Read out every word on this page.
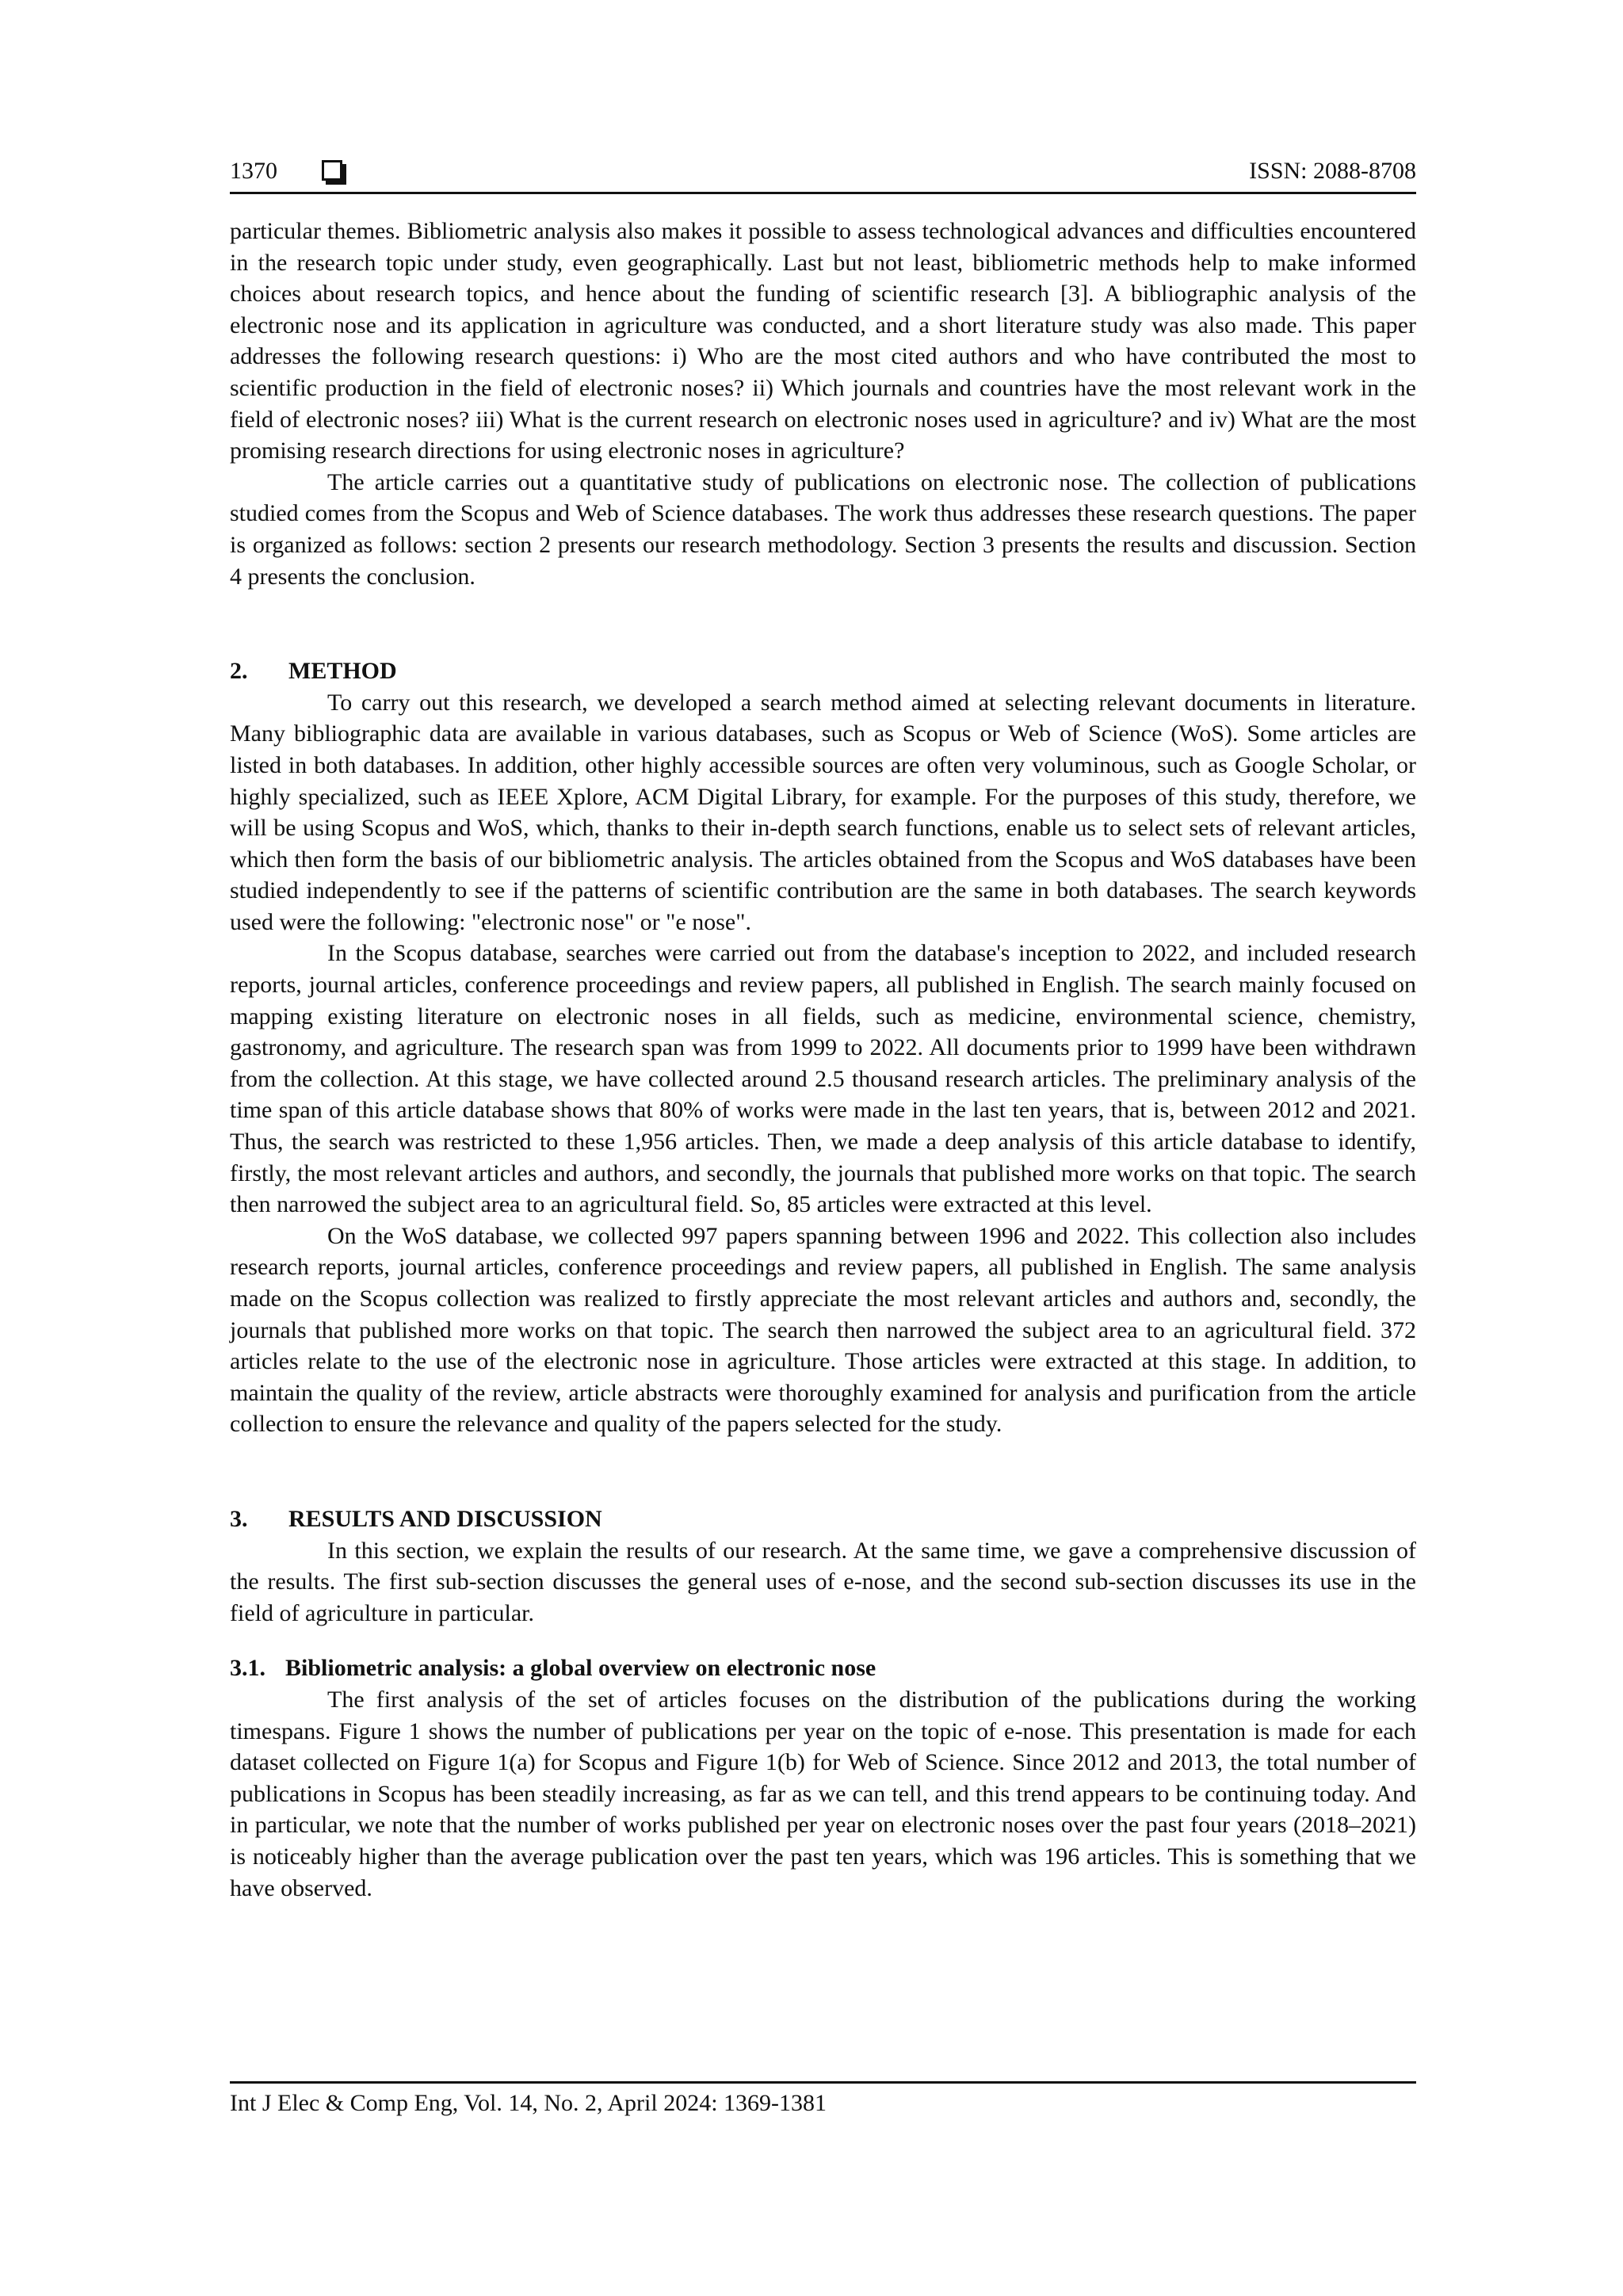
1370	ISSN: 2088-8708

particular themes. Bibliometric analysis also makes it possible to assess technological advances and difficulties encountered in the research topic under study, even geographically. Last but not least, bibliometric methods help to make informed choices about research topics, and hence about the funding of scientific research [3]. A bibliographic analysis of the electronic nose and its application in agriculture was conducted, and a short literature study was also made. This paper addresses the following research questions: i) Who are the most cited authors and who have contributed the most to scientific production in the field of electronic noses? ii) Which journals and countries have the most relevant work in the field of electronic noses? iii) What is the current research on electronic noses used in agriculture? and iv) What are the most promising research directions for using electronic noses in agriculture?

The article carries out a quantitative study of publications on electronic nose. The collection of publications studied comes from the Scopus and Web of Science databases. The work thus addresses these research questions. The paper is organized as follows: section 2 presents our research methodology. Section 3 presents the results and discussion. Section 4 presents the conclusion.

2. METHOD

To carry out this research, we developed a search method aimed at selecting relevant documents in literature. Many bibliographic data are available in various databases, such as Scopus or Web of Science (WoS). Some articles are listed in both databases. In addition, other highly accessible sources are often very voluminous, such as Google Scholar, or highly specialized, such as IEEE Xplore, ACM Digital Library, for example. For the purposes of this study, therefore, we will be using Scopus and WoS, which, thanks to their in-depth search functions, enable us to select sets of relevant articles, which then form the basis of our bibliometric analysis. The articles obtained from the Scopus and WoS databases have been studied independently to see if the patterns of scientific contribution are the same in both databases. The search keywords used were the following: "electronic nose" or "e nose".

In the Scopus database, searches were carried out from the database's inception to 2022, and included research reports, journal articles, conference proceedings and review papers, all published in English. The search mainly focused on mapping existing literature on electronic noses in all fields, such as medicine, environmental science, chemistry, gastronomy, and agriculture. The research span was from 1999 to 2022. All documents prior to 1999 have been withdrawn from the collection. At this stage, we have collected around 2.5 thousand research articles. The preliminary analysis of the time span of this article database shows that 80% of works were made in the last ten years, that is, between 2012 and 2021. Thus, the search was restricted to these 1,956 articles. Then, we made a deep analysis of this article database to identify, firstly, the most relevant articles and authors, and secondly, the journals that published more works on that topic. The search then narrowed the subject area to an agricultural field. So, 85 articles were extracted at this level.

On the WoS database, we collected 997 papers spanning between 1996 and 2022. This collection also includes research reports, journal articles, conference proceedings and review papers, all published in English. The same analysis made on the Scopus collection was realized to firstly appreciate the most relevant articles and authors and, secondly, the journals that published more works on that topic. The search then narrowed the subject area to an agricultural field. 372 articles relate to the use of the electronic nose in agriculture. Those articles were extracted at this stage. In addition, to maintain the quality of the review, article abstracts were thoroughly examined for analysis and purification from the article collection to ensure the relevance and quality of the papers selected for the study.

3. RESULTS AND DISCUSSION

In this section, we explain the results of our research. At the same time, we gave a comprehensive discussion of the results. The first sub-section discusses the general uses of e-nose, and the second sub-section discusses its use in the field of agriculture in particular.

3.1. Bibliometric analysis: a global overview on electronic nose

The first analysis of the set of articles focuses on the distribution of the publications during the working timespans. Figure 1 shows the number of publications per year on the topic of e-nose. This presentation is made for each dataset collected on Figure 1(a) for Scopus and Figure 1(b) for Web of Science. Since 2012 and 2013, the total number of publications in Scopus has been steadily increasing, as far as we can tell, and this trend appears to be continuing today. And in particular, we note that the number of works published per year on electronic noses over the past four years (2018–2021) is noticeably higher than the average publication over the past ten years, which was 196 articles. This is something that we have observed.

Int J Elec & Comp Eng, Vol. 14, No. 2, April 2024: 1369-1381
